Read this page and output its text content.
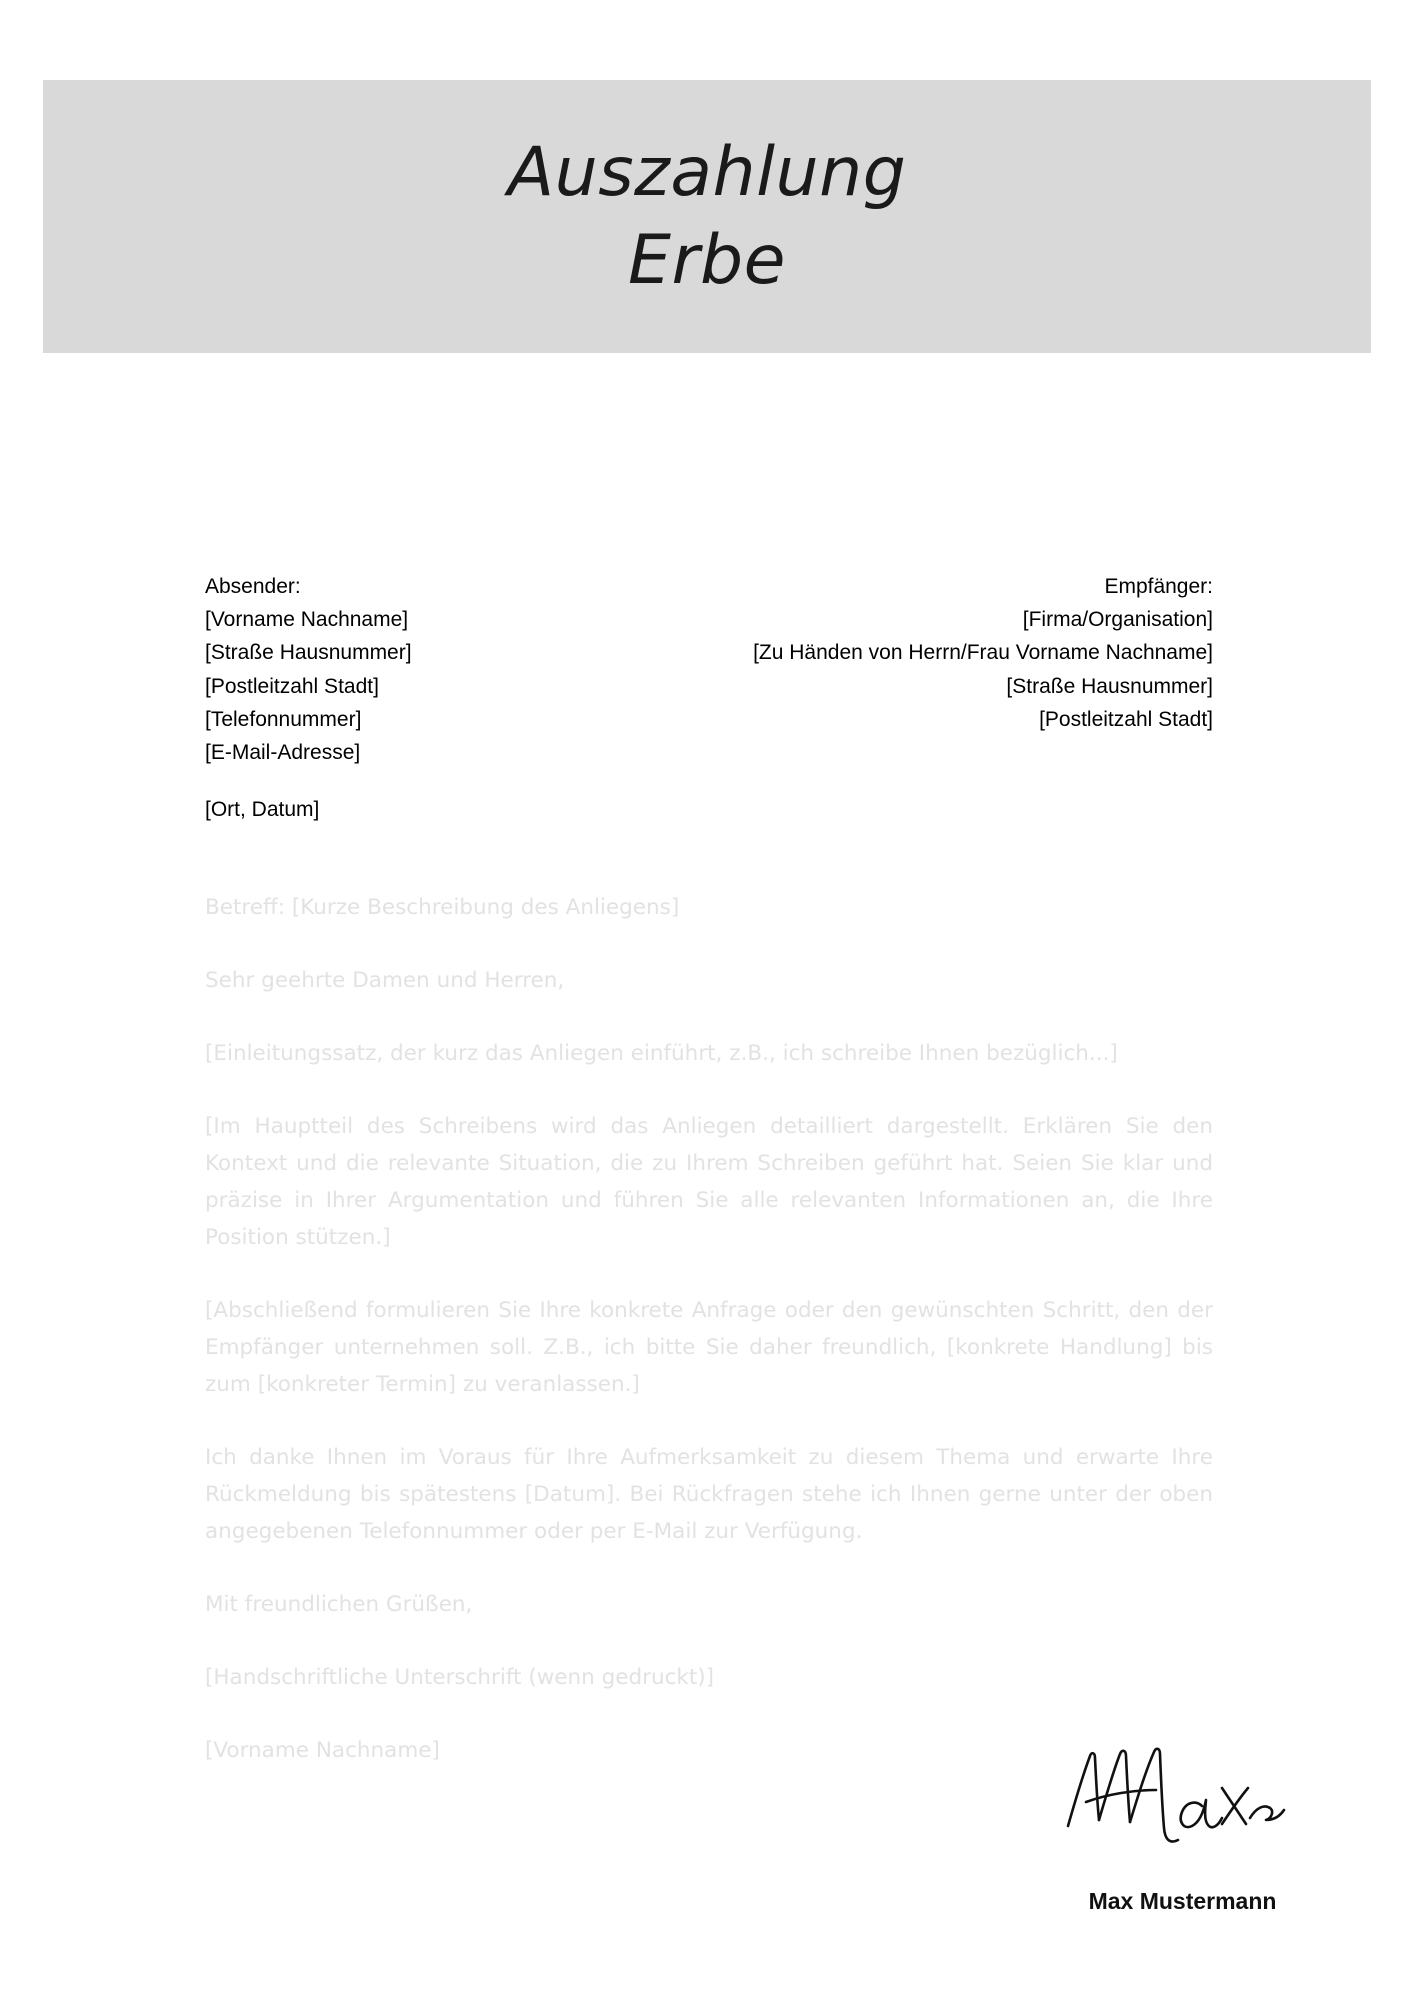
Auszahlung
Erbe
Absender:
[Vorname Nachname]
[Straße Hausnummer]
[Postleitzahl Stadt]
[Telefonnummer]
[E-Mail-Adresse]
Empfänger:
[Firma/Organisation]
[Zu Händen von Herrn/Frau Vorname Nachname]
[Straße Hausnummer]
[Postleitzahl Stadt]
[Ort, Datum]

Betreff: [Kurze Beschreibung des Anliegens]

Sehr geehrte Damen und Herren,

[Einleitungssatz, der kurz das Anliegen einführt, z.B., ich schreibe Ihnen bezüglich...]

[Im Hauptteil des Schreibens wird das Anliegen detailliert dargestellt. Erklären Sie den Kontext und die relevante Situation, die zu Ihrem Schreiben geführt hat. Seien Sie klar und präzise in Ihrer Argumentation und führen Sie alle relevanten Informationen an, die Ihre Position stützen.]

[Abschließend formulieren Sie Ihre konkrete Anfrage oder den gewünschten Schritt, den der Empfänger unternehmen soll. Z.B., ich bitte Sie daher freundlich, [konkrete Handlung] bis zum [konkreter Termin] zu veranlassen.]

Ich danke Ihnen im Voraus für Ihre Aufmerksamkeit zu diesem Thema und erwarte Ihre Rückmeldung bis spätestens [Datum]. Bei Rückfragen stehe ich Ihnen gerne unter der oben angegebenen Telefonnummer oder per E-Mail zur Verfügung.

Mit freundlichen Grüßen,

[Handschriftliche Unterschrift (wenn gedruckt)]

[Vorname Nachname]

Max Mustermann
